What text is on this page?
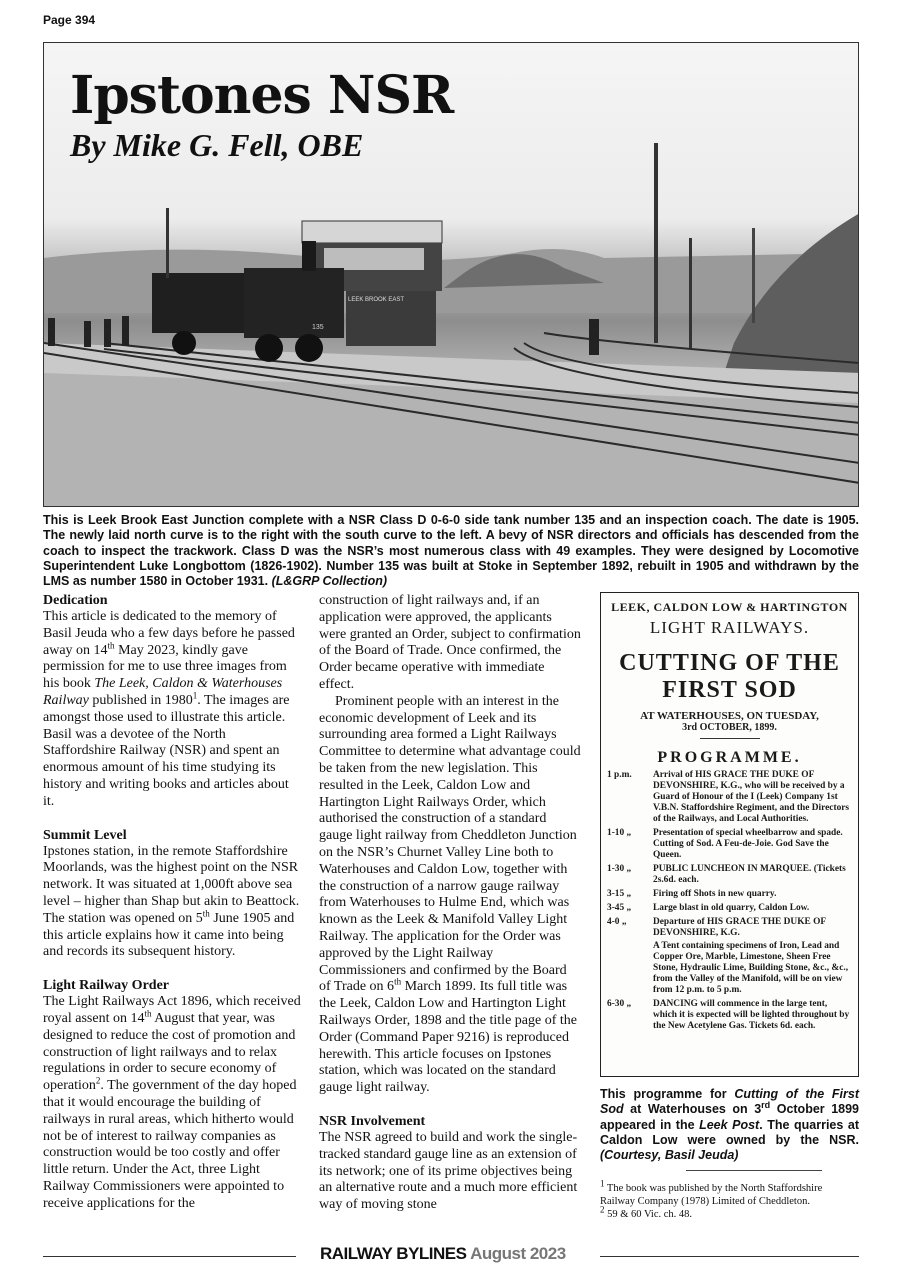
Page 394
LEEK BROOK EAST
135
Ipstones NSR
By Mike G. Fell, OBE
This is Leek Brook East Junction complete with a NSR Class D 0-6-0 side tank number 135 and an inspection coach. The date is 1905. The newly laid north curve is to the right with the south curve to the left. A bevy of NSR directors and officials has descended from the coach to inspect the trackwork. Class D was the NSR’s most numerous class with 49 examples. They were designed by Locomotive Superintendent Luke Longbottom (1826-1902). Number 135 was built at Stoke in September 1892, rebuilt in 1905 and withdrawn by the LMS as number 1580 in October 1931. (L&GRP Collection)
Dedication

This article is dedicated to the memory of Basil Jeuda who a few days before he passed away on 14th May 2023, kindly gave permission for me to use three images from his book The Leek, Caldon & Waterhouses Railway published in 1980$^1$. The images are amongst those used to illustrate this article. Basil was a devotee of the North Staffordshire Railway (NSR) and spent an enormous amount of his time studying its history and writing books and articles about it.

Summit Level

Ipstones station, in the remote Staffordshire Moorlands, was the highest point on the NSR network. It was situated at 1,000ft above sea level – higher than Shap but akin to Beattock. The station was opened on 5th June 1905 and this article explains how it came into being and records its subsequent history.

Light Railway Order

The Light Railways Act 1896, which received royal assent on 14th August that year, was designed to reduce the cost of promotion and construction of light railways and to relax regulations in order to secure economy of operation$^2$. The government of the day hoped that it would encourage the building of railways in rural areas, which hitherto would not be of interest to railway companies as construction would be too costly and offer little return. Under the Act, three Light Railway Commissioners were appointed to receive applications for the

construction of light railways and, if an application were approved, the applicants were granted an Order, subject to confirmation of the Board of Trade. Once confirmed, the Order became operative with immediate effect.

Prominent people with an interest in the economic development of Leek and its surrounding area formed a Light Railways Committee to determine what advantage could be taken from the new legislation. This resulted in the Leek, Caldon Low and Hartington Light Railways Order, which authorised the construction of a standard gauge light railway from Cheddleton Junction on the NSR’s Churnet Valley Line both to Waterhouses and Caldon Low, together with the construction of a narrow gauge railway from Waterhouses to Hulme End, which was known as the Leek & Manifold Valley Light Railway. The application for the Order was approved by the Light Railway Commissioners and confirmed by the Board of Trade on 6th March 1899. Its full title was the Leek, Caldon Low and Hartington Light Railways Order, 1898 and the title page of the Order (Command Paper 9216) is reproduced herewith. This article focuses on Ipstones station, which was located on the standard gauge light railway.

NSR Involvement

The NSR agreed to build and work the single-tracked standard gauge line as an extension of its network; one of its prime objectives being an alternative route and a much more efficient way of moving stone

LEEK, CALDON LOW & HARTINGTON
LIGHT RAILWAYS.
CUTTING OF THE
FIRST SOD
AT WATERHOUSES, ON TUESDAY,
3rd OCTOBER, 1899.
PROGRAMME.
1 p.m.	Arrival of HIS GRACE THE DUKE OF DEVONSHIRE, K.G., who will be received by a Guard of Honour of the I (Leek) Company 1st V.B.N. Staffordshire Regiment, and the Directors of the Railways, and Local Authorities.
1-10 „	Presentation of special wheelbarrow and spade. Cutting of Sod. A Feu-de-Joie. God Save the Queen.
1-30 „	PUBLIC LUNCHEON IN MARQUEE. (Tickets 2s.6d. each.
3-15 „	Firing off Shots in new quarry.
3-45 „	Large blast in old quarry, Caldon Low.
4-0 „	Departure of HIS GRACE THE DUKE OF DEVONSHIRE, K.G.
A Tent containing specimens of Iron, Lead and Copper Ore, Marble, Limestone, Sheen Free Stone, Hydraulic Lime, Building Stone, &c., &c., from the Valley of the Manifold, will be on view from 12 p.m. to 5 p.m.
6-30 „	DANCING will commence in the large tent, which it is expected will be lighted throughout by the New Acetylene Gas. Tickets 6d. each.
This programme for Cutting of the First Sod at Waterhouses on 3rd October 1899 appeared in the Leek Post. The quarries at Caldon Low were owned by the NSR. (Courtesy, Basil Jeuda)

$^1$ The book was published by the North Staffordshire Railway Company (1978) Limited of Cheddleton.

$^2$ 59 & 60 Vic. ch. 48.

RAILWAY BYLINES August 2023
